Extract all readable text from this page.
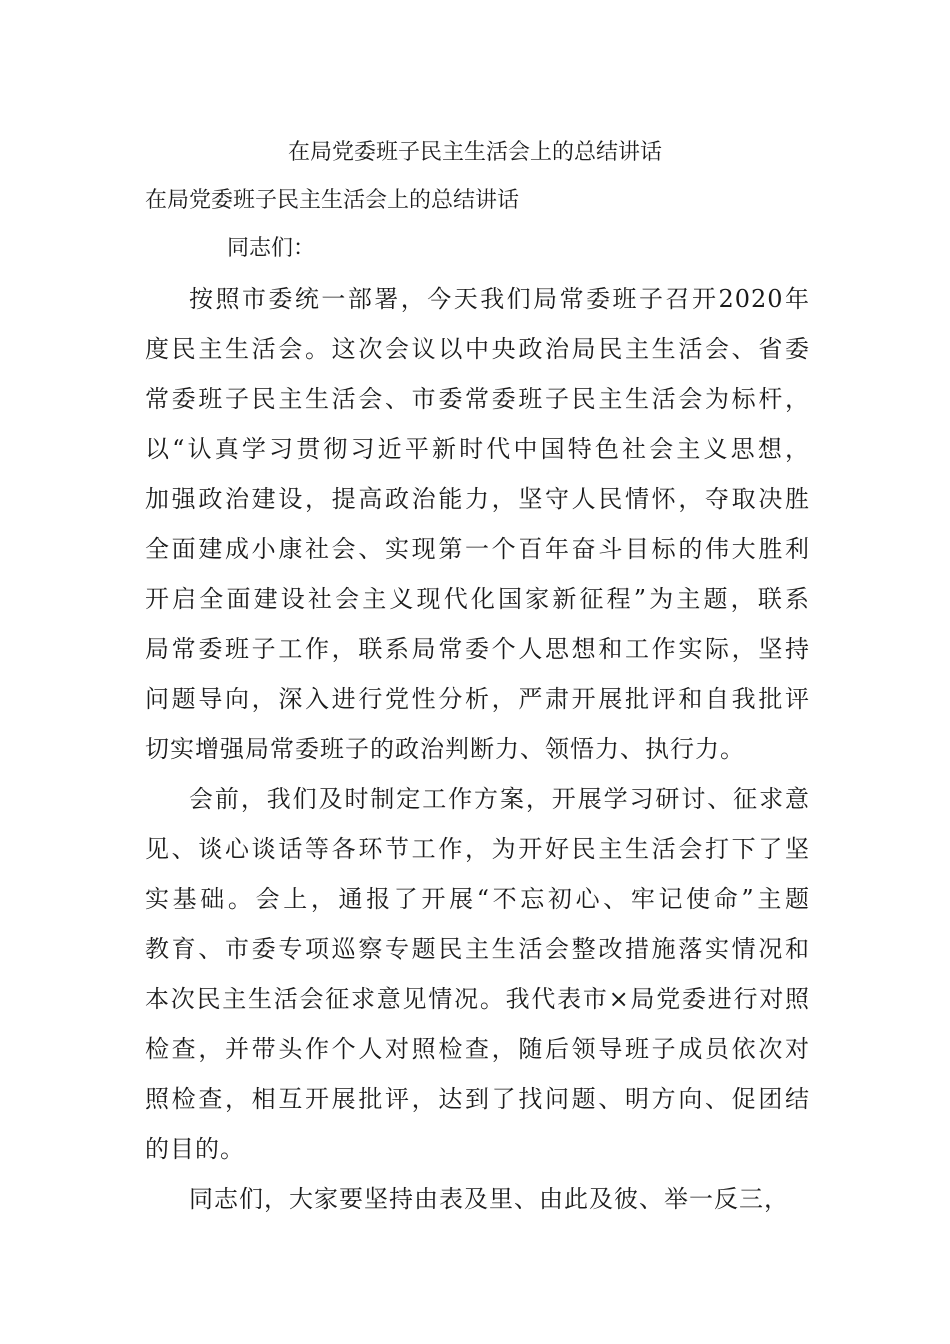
在局党委班子民主生活会上的总结讲话
在局党委班子民主生活会上的总结讲话

同志们：

按照市委统一部署，今天我们局常委班子召开2020年
度民主生活会。这次会议以中央政治局民主生活会、省委
常委班子民主生活会、市委常委班子民主生活会为标杆，
以“认真学习贯彻习近平新时代中国特色社会主义思想，
加强政治建设，提高政治能力，坚守人民情怀，夺取决胜
全面建成小康社会、实现第一个百年奋斗目标的伟大胜利
开启全面建设社会主义现代化国家新征程”为主题，联系
局常委班子工作，联系局常委个人思想和工作实际，坚持
问题导向，深入进行党性分析，严肃开展批评和自我批评
切实增强局常委班子的政治判断力、领悟力、执行力。

会前，我们及时制定工作方案，开展学习研讨、征求意
见、谈心谈话等各环节工作，为开好民主生活会打下了坚
实基础。会上，通报了开展“不忘初心、牢记使命”主题
教育、市委专项巡察专题民主生活会整改措施落实情况和
本次民主生活会征求意见情况。我代表市×局党委进行对照
检查，并带头作个人对照检查，随后领导班子成员依次对
照检查，相互开展批评，达到了找问题、明方向、促团结
的目的。

同志们，大家要坚持由表及里、由此及彼、举一反三，
